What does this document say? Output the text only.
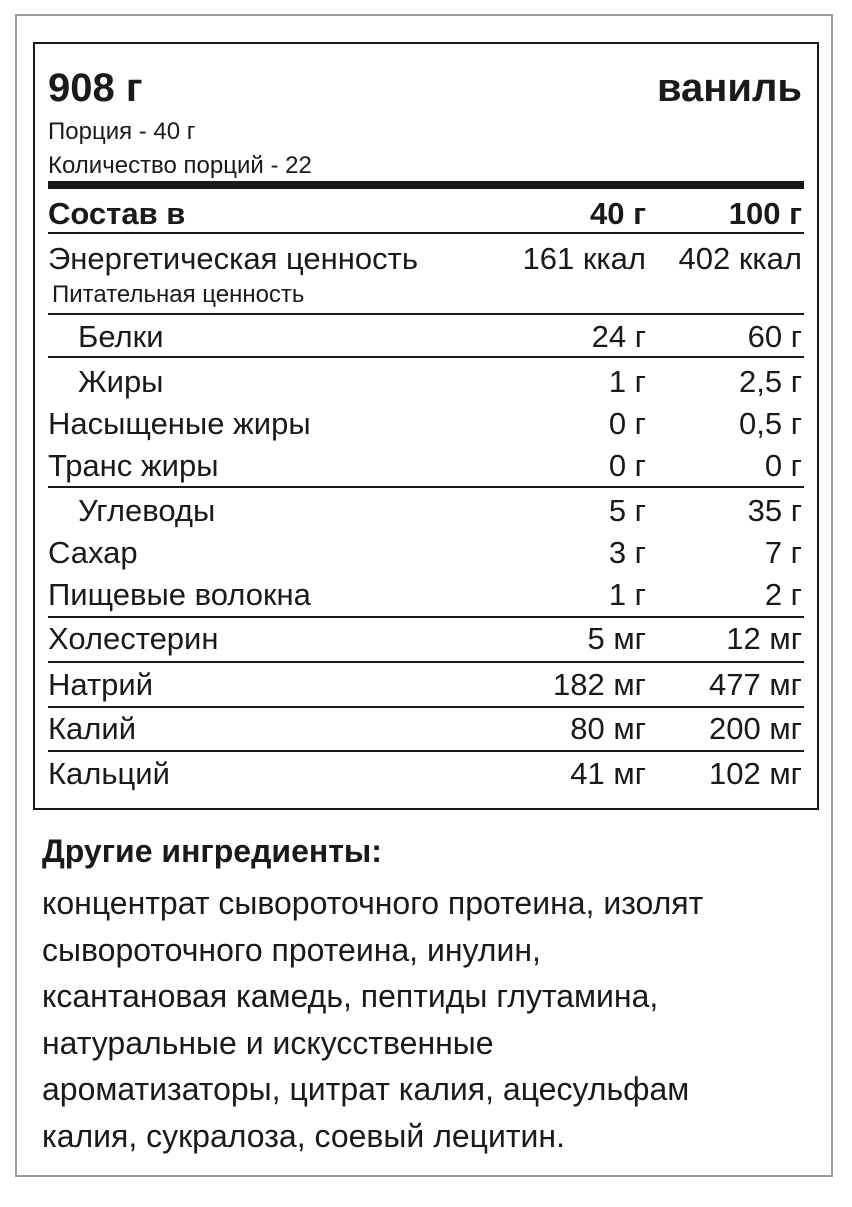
908 г	ваниль
Порция - 40 г
Количество порций - 22
Состав в	40 г	100 г
Энергетическая ценность	161 ккал 402 ккал
Питательная ценность
Белки	24 г	60 г
Жиры	1 г	2,5 г
Насыщеные жиры	0 г	0,5 г
Транс жиры	0 г	0 г
Углеводы	5 г	35 г
Сахар	3 г	7 г
Пищевые волокна	1 г	2 г
Холестерин	5 мг	12 мг
Натрий	182 мг 477 мг
Калий	80 мг 200 мг
Кальций	41 мг 102 мг
Другие ингредиенты:
концентрат сывороточного протеина, изолят
сывороточного протеина, инулин,
ксантановая камедь, пептиды глутамина,
натуральные и искусственные
ароматизаторы, цитрат калия, ацесульфам
калия, сукралоза, соевый лецитин.
